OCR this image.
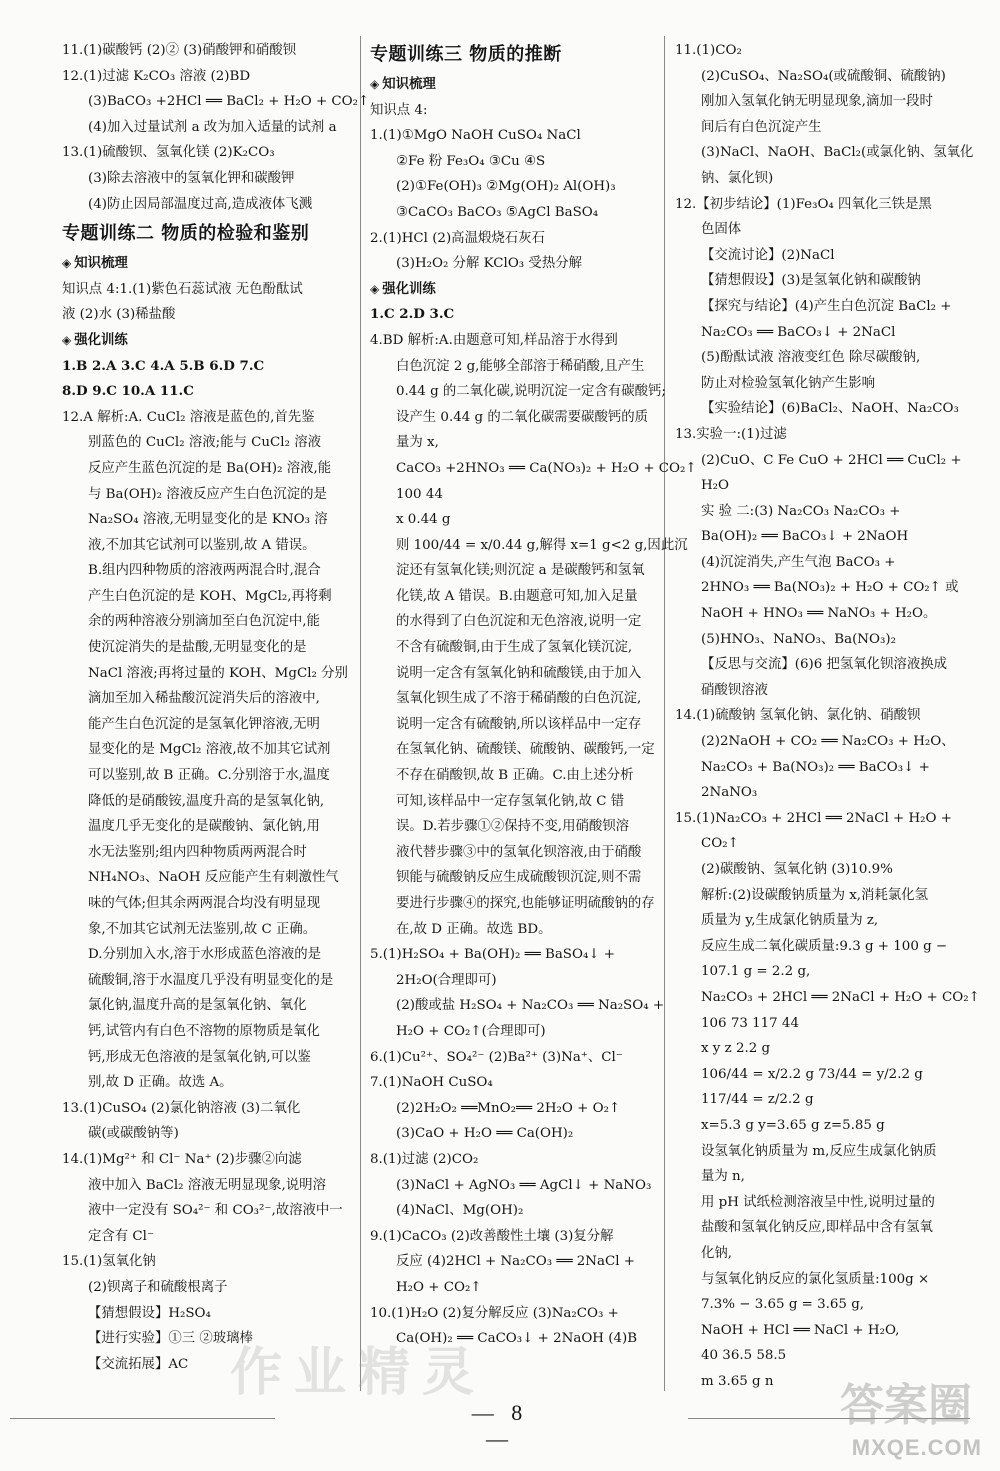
11.(1)碳酸钙 (2)② (3)硝酸钾和硝酸钡
12.(1)过滤 K₂CO₃ 溶液 (2)BD
(3)BaCO₃ +2HCl ══ BaCl₂ + H₂O + CO₂↑
(4)加入过量试剂 a 改为加入适量的试剂 a
13.(1)硫酸钡、氢氧化镁 (2)K₂CO₃
(3)除去溶液中的氢氧化钾和碳酸钾
(4)防止因局部温度过高,造成液体飞溅
专题训练二 物质的检验和鉴别
◈ 知识梳理
知识点 4:1.(1)紫色石蕊试液 无色酚酞试
液 (2)水 (3)稀盐酸
◈ 强化训练
1.B 2.A 3.C 4.A 5.B 6.D 7.C
8.D 9.C 10.A 11.C
12.A 解析:A. CuCl₂ 溶液是蓝色的,首先鉴
别蓝色的 CuCl₂ 溶液;能与 CuCl₂ 溶液
反应产生蓝色沉淀的是 Ba(OH)₂ 溶液,能
与 Ba(OH)₂ 溶液反应产生白色沉淀的是
Na₂SO₄ 溶液,无明显变化的是 KNO₃ 溶
液,不加其它试剂可以鉴别,故 A 错误。
B.组内四种物质的溶液两两混合时,混合
产生白色沉淀的是 KOH、MgCl₂,再将剩
余的两种溶液分别滴加至白色沉淀中,能
使沉淀消失的是盐酸,无明显变化的是
NaCl 溶液;再将过量的 KOH、MgCl₂ 分别
滴加至加入稀盐酸沉淀消失后的溶液中,
能产生白色沉淀的是氢氧化钾溶液,无明
显变化的是 MgCl₂ 溶液,故不加其它试剂
可以鉴别,故 B 正确。C.分别溶于水,温度
降低的是硝酸铵,温度升高的是氢氧化钠,
温度几乎无变化的是碳酸钠、氯化钠,用
水无法鉴别;组内四种物质两两混合时
NH₄NO₃、NaOH 反应能产生有刺激性气
味的气体;但其余两两混合均没有明显现
象,不加其它试剂无法鉴别,故 C 正确。
D.分别加入水,溶于水形成蓝色溶液的是
硫酸铜,溶于水温度几乎没有明显变化的是
氯化钠,温度升高的是氢氧化钠、氧化
钙,试管内有白色不溶物的原物质是氧化
钙,形成无色溶液的是氢氧化钠,可以鉴
别,故 D 正确。故选 A。
13.(1)CuSO₄ (2)氯化钠溶液 (3)二氧化
碳(或碳酸钠等)
14.(1)Mg²⁺ 和 Cl⁻ Na⁺ (2)步骤②向滤
液中加入 BaCl₂ 溶液无明显现象,说明溶
液中一定没有 SO₄²⁻ 和 CO₃²⁻,故溶液中一
定含有 Cl⁻
15.(1)氢氧化钠
(2)钡离子和硫酸根离子
【猜想假设】H₂SO₄
【进行实验】①三 ②玻璃棒
【交流拓展】AC
专题训练三 物质的推断
◈ 知识梳理
知识点 4:
1.(1)①MgO NaOH CuSO₄ NaCl
②Fe 粉 Fe₃O₄ ③Cu ④S
(2)①Fe(OH)₃ ②Mg(OH)₂ Al(OH)₃
③CaCO₃ BaCO₃ ⑤AgCl BaSO₄
2.(1)HCl (2)高温煅烧石灰石
(3)H₂O₂ 分解 KClO₃ 受热分解
◈ 强化训练
1.C 2.D 3.C
4.BD 解析:A.由题意可知,样品溶于水得到
白色沉淀 2 g,能够全部溶于稀硝酸,且产生
0.44 g 的二氧化碳,说明沉淀一定含有碳酸钙;
设产生 0.44 g 的二氧化碳需要碳酸钙的质
量为 x,
CaCO₃ +2HNO₃ ══ Ca(NO₃)₂ + H₂O + CO₂↑
100 44
x 0.44 g
则 100/44 = x/0.44 g,解得 x=1 g<2 g,因此沉
淀还有氢氧化镁;则沉淀 a 是碳酸钙和氢氧
化镁,故 A 错误。B.由题意可知,加入足量
的水得到了白色沉淀和无色溶液,说明一定
不含有硫酸铜,由于生成了氢氧化镁沉淀,
说明一定含有氢氧化钠和硫酸镁,由于加入
氢氧化钡生成了不溶于稀硝酸的白色沉淀,
说明一定含有硫酸钠,所以该样品中一定存
在氢氧化钠、硫酸镁、硫酸钠、碳酸钙,一定
不存在硝酸钡,故 B 正确。C.由上述分析
可知,该样品中一定存氢氧化钠,故 C 错
误。D.若步骤①②保持不变,用硝酸钡溶
液代替步骤③中的氢氧化钡溶液,由于硝酸
钡能与硫酸钠反应生成硫酸钡沉淀,则不需
要进行步骤④的探究,也能够证明硫酸钠的存
在,故 D 正确。故选 BD。
5.(1)H₂SO₄ + Ba(OH)₂ ══ BaSO₄↓ +
2H₂O(合理即可)
(2)酸或盐 H₂SO₄ + Na₂CO₃ ══ Na₂SO₄ +
H₂O + CO₂↑(合理即可)
6.(1)Cu²⁺、SO₄²⁻ (2)Ba²⁺ (3)Na⁺、Cl⁻
7.(1)NaOH CuSO₄
(2)2H₂O₂ ══MnO₂══ 2H₂O + O₂↑
(3)CaO + H₂O ══ Ca(OH)₂
8.(1)过滤 (2)CO₂
(3)NaCl + AgNO₃ ══ AgCl↓ + NaNO₃
(4)NaCl、Mg(OH)₂
9.(1)CaCO₃ (2)改善酸性土壤 (3)复分解
反应 (4)2HCl + Na₂CO₃ ══ 2NaCl +
H₂O + CO₂↑
10.(1)H₂O (2)复分解反应 (3)Na₂CO₃ +
Ca(OH)₂ ══ CaCO₃↓ + 2NaOH (4)B
11.(1)CO₂
(2)CuSO₄、Na₂SO₄(或硫酸铜、硫酸钠)
刚加入氢氧化钠无明显现象,滴加一段时
间后有白色沉淀产生
(3)NaCl、NaOH、BaCl₂(或氯化钠、氢氧化
钠、氯化钡)
12.【初步结论】(1)Fe₃O₄ 四氧化三铁是黑
色固体
【交流讨论】(2)NaCl
【猜想假设】(3)是氢氧化钠和碳酸钠
【探究与结论】(4)产生白色沉淀 BaCl₂ +
Na₂CO₃ ══ BaCO₃↓ + 2NaCl
(5)酚酞试液 溶液变红色 除尽碳酸钠,
防止对检验氢氧化钠产生影响
【实验结论】(6)BaCl₂、NaOH、Na₂CO₃
13.实验一:(1)过滤
(2)CuO、C Fe CuO + 2HCl ══ CuCl₂ +
H₂O
实 验 二:(3) Na₂CO₃ Na₂CO₃ +
Ba(OH)₂ ══ BaCO₃↓ + 2NaOH
(4)沉淀消失,产生气泡 BaCO₃ +
2HNO₃ ══ Ba(NO₃)₂ + H₂O + CO₂↑ 或
NaOH + HNO₃ ══ NaNO₃ + H₂O。
(5)HNO₃、NaNO₃、Ba(NO₃)₂
【反思与交流】(6)6 把氢氧化钡溶液换成
硝酸钡溶液
14.(1)硫酸钠 氢氧化钠、氯化钠、硝酸钡
(2)2NaOH + CO₂ ══ Na₂CO₃ + H₂O、
Na₂CO₃ + Ba(NO₃)₂ ══ BaCO₃↓ +
2NaNO₃
15.(1)Na₂CO₃ + 2HCl ══ 2NaCl + H₂O +
CO₂↑
(2)碳酸钠、氢氧化钠 (3)10.9%
解析:(2)设碳酸钠质量为 x,消耗氯化氢
质量为 y,生成氯化钠质量为 z,
反应生成二氧化碳质量:9.3 g + 100 g −
107.1 g = 2.2 g,
Na₂CO₃ + 2HCl ══ 2NaCl + H₂O + CO₂↑
106 73 117 44
x y z 2.2 g
106/44 = x/2.2 g 73/44 = y/2.2 g
117/44 = z/2.2 g
x=5.3 g y=3.65 g z=5.85 g
设氢氧化钠质量为 m,反应生成氯化钠质
量为 n,
用 pH 试纸检测溶液呈中性,说明过量的
盐酸和氢氧化钠反应,即样品中含有氢氧
化钠,
与氢氧化钠反应的氯化氢质量:100g ×
7.3% − 3.65 g = 3.65 g,
NaOH + HCl ══ NaCl + H₂O,
40 36.5 58.5
m 3.65 g n
— 8 —
作业精灵
答案圈
MXQE.COM
